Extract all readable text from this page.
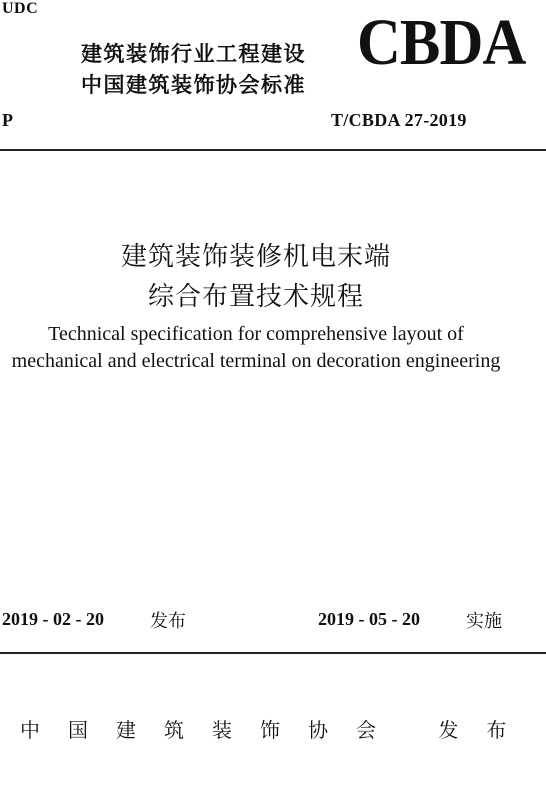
UDC
建筑装饰行业工程建设
中国建筑装饰协会标准
CBDA
P	T/CBDA 27-2019
建筑装饰装修机电末端
综合布置技术规程
Technical specification for comprehensive layout of
mechanical and electrical terminal on decoration engineering
2019 - 02 - 20	发布	2019 - 05 - 20	实施
中国建筑装饰协会 发布
